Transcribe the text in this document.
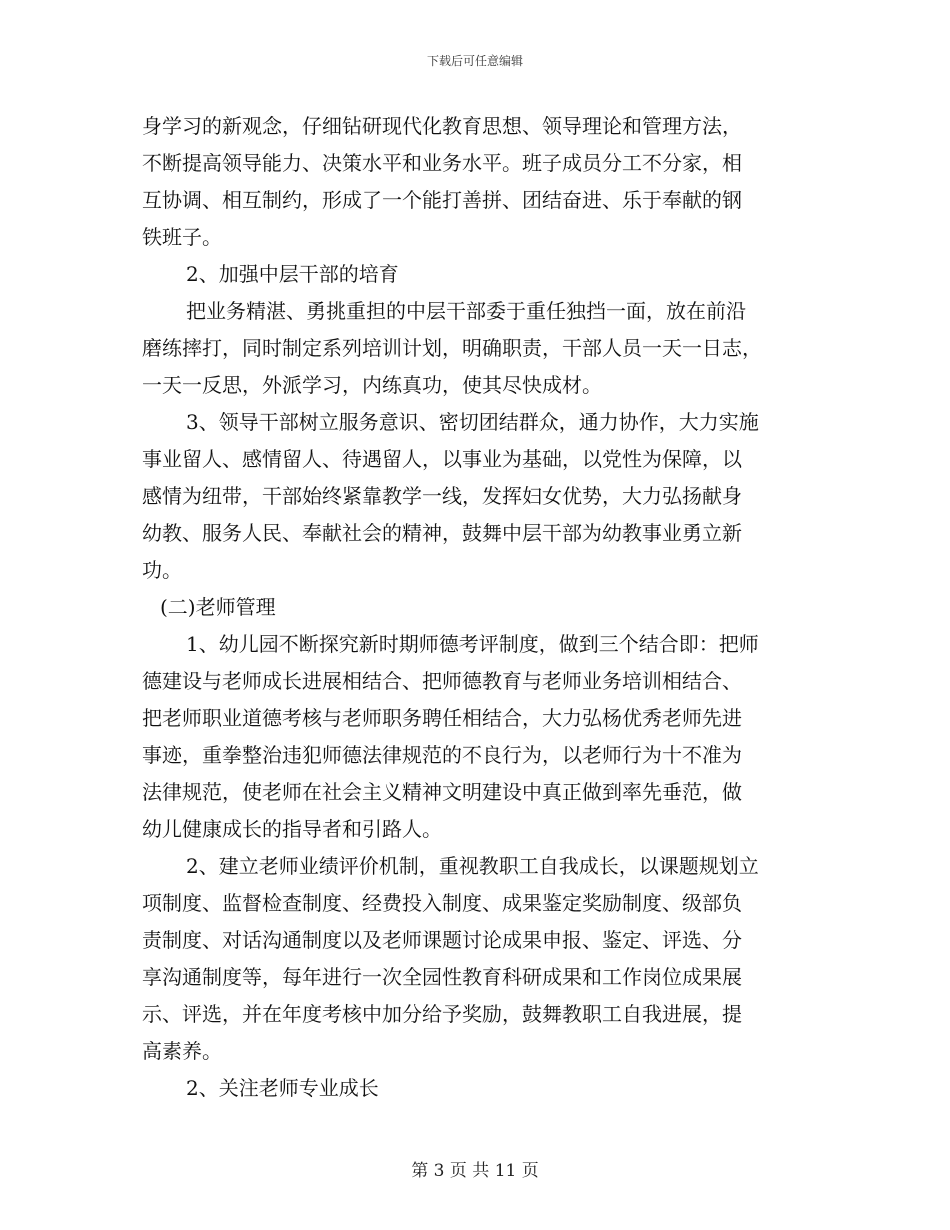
下载后可任意编辑
身学习的新观念，仔细钻研现代化教育思想、领导理论和管理方法，
不断提高领导能力、决策水平和业务水平。班子成员分工不分家，相
互协调、相互制约，形成了一个能打善拼、团结奋进、乐于奉献的钢
铁班子。
2、加强中层干部的培育
把业务精湛、勇挑重担的中层干部委于重任独挡一面，放在前沿
磨练摔打，同时制定系列培训计划，明确职责，干部人员一天一日志，
一天一反思，外派学习，内练真功，使其尽快成材。
3、领导干部树立服务意识、密切团结群众，通力协作，大力实施
事业留人、感情留人、待遇留人，以事业为基础，以党性为保障，以
感情为纽带，干部始终紧靠教学一线，发挥妇女优势，大力弘扬献身
幼教、服务人民、奉献社会的精神，鼓舞中层干部为幼教事业勇立新
功。
(二)老师管理
1、幼儿园不断探究新时期师德考评制度，做到三个结合即：把师
德建设与老师成长进展相结合、把师德教育与老师业务培训相结合、
把老师职业道德考核与老师职务聘任相结合，大力弘杨优秀老师先进
事迹，重拳整治违犯师德法律规范的不良行为，以老师行为十不准为
法律规范，使老师在社会主义精神文明建设中真正做到率先垂范，做
幼儿健康成长的指导者和引路人。
2、建立老师业绩评价机制，重视教职工自我成长，以课题规划立
项制度、监督检查制度、经费投入制度、成果鉴定奖励制度、级部负
责制度、对话沟通制度以及老师课题讨论成果申报、鉴定、评选、分
享沟通制度等，每年进行一次全园性教育科研成果和工作岗位成果展
示、评选，并在年度考核中加分给予奖励，鼓舞教职工自我进展，提
高素养。
2、关注老师专业成长
第 3 页 共 11 页
